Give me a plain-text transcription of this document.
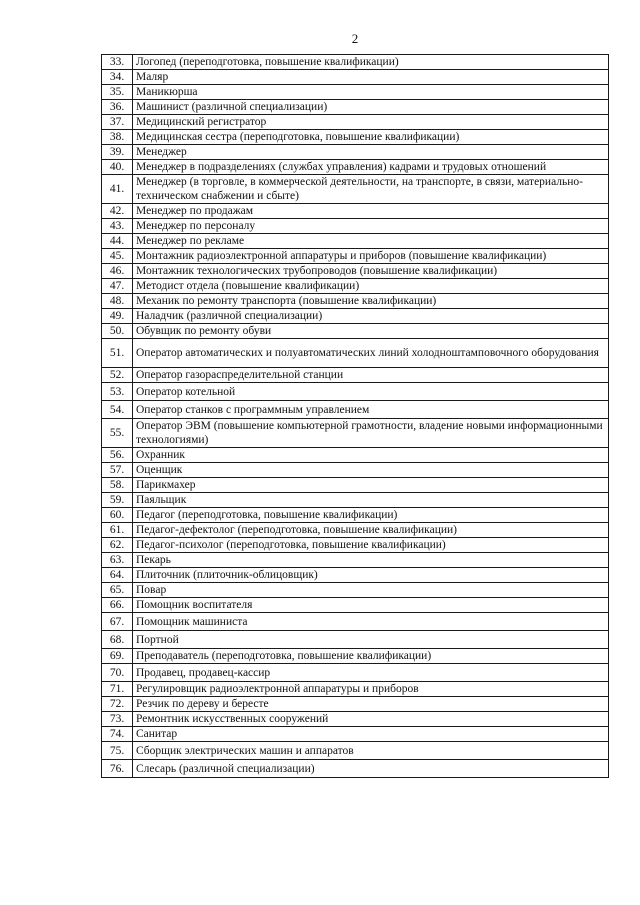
2
33.	Логопед (переподготовка, повышение квалификации)
34.	Маляр
35.	Маникюрша
36.	Машинист (различной специализации)
37.	Медицинский регистратор
38.	Медицинская сестра (переподготовка, повышение квалификации)
39.	Менеджер
40.	Менеджер в подразделениях (службах управления) кадрами и трудовых отношений
41.	Менеджер (в торговле, в коммерческой деятельности, на транспорте, в связи, материально-техническом снабжении и сбыте)
42.	Менеджер по продажам
43.	Менеджер по персоналу
44.	Менеджер по рекламе
45.	Монтажник радиоэлектронной аппаратуры и приборов (повышение квалификации)
46.	Монтажник технологических трубопроводов (повышение квалификации)
47.	Методист отдела (повышение квалификации)
48.	Механик по ремонту транспорта (повышение квалификации)
49.	Наладчик (различной специализации)
50.	Обувщик по ремонту обуви
51.	Оператор автоматических и полуавтоматических линий холодноштамповочного оборудования
52.	Оператор газораспределительной станции
53.	Оператор котельной
54.	Оператор станков с программным управлением
55.	Оператор ЭВМ (повышение компьютерной грамотности, владение новыми информационными технологиями)
56.	Охранник
57.	Оценщик
58.	Парикмахер
59.	Паяльщик
60.	Педагог (переподготовка, повышение квалификации)
61.	Педагог-дефектолог (переподготовка, повышение квалификации)
62.	Педагог-психолог (переподготовка, повышение квалификации)
63.	Пекарь
64.	Плиточник (плиточник-облицовщик)
65.	Повар
66.	Помощник воспитателя
67.	Помощник машиниста
68.	Портной
69.	Преподаватель (переподготовка, повышение квалификации)
70.	Продавец, продавец-кассир
71.	Регулировщик радиоэлектронной аппаратуры и приборов
72.	Резчик по дереву и бересте
73.	Ремонтник искусственных сооружений
74.	Санитар
75.	Сборщик электрических машин и аппаратов
76.	Слесарь (различной специализации)
